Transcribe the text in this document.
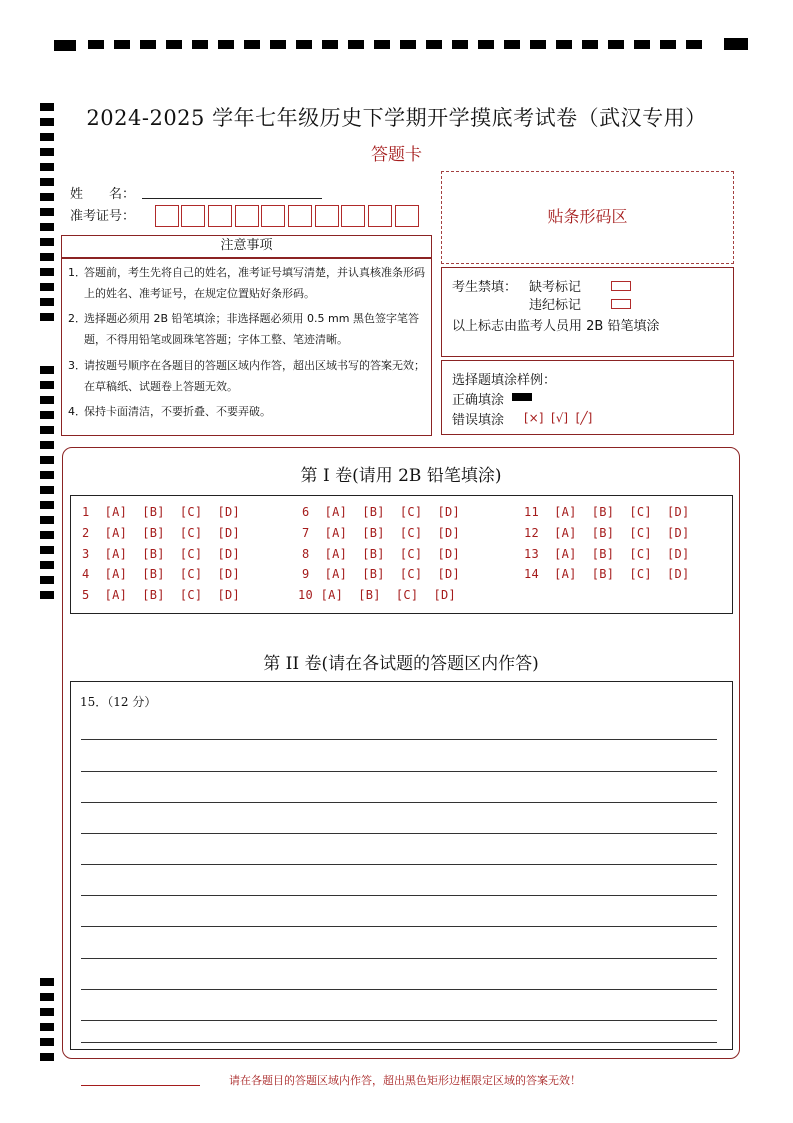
2024-2025 学年七年级历史下学期开学摸底考试卷（武汉专用）
答题卡
姓　　名：
准考证号：	贴条形码区
注意事项
1．
答题前，考生先将自己的姓名，准考证号填写清楚，并认真核准条形码上的姓名、准考证号，在规定位置贴好条形码。
2．
选择题必须用 2B 铅笔填涂；非选择题必须用 0.5 mm 黑色签字笔答题，不得用铅笔或圆珠笔答题；字体工整、笔迹清晰。
3．
请按题号顺序在各题目的答题区域内作答，超出区域书写的答案无效；在草稿纸、试题卷上答题无效。
4．
保持卡面清洁，不要折叠、不要弄破。
考生禁填： 缺考标记
违纪标记
以上标志由监考人员用 2B 铅笔填涂
选择题填涂样例：
正确填涂
错误填涂 [×]  [√]  [╱]
第 I 卷(请用 2B 铅笔填涂)
1  [A]  [B]  [C]  [D]
2  [A]  [B]  [C]  [D]
3  [A]  [B]  [C]  [D]
4  [A]  [B]  [C]  [D]
5  [A]  [B]  [C]  [D]
6  [A]  [B]  [C]  [D]
7  [A]  [B]  [C]  [D]
8  [A]  [B]  [C]  [D]
9  [A]  [B]  [C]  [D]
10 [A]  [B]  [C]  [D]
11  [A]  [B]  [C]  [D]
12  [A]  [B]  [C]  [D]
13  [A]  [B]  [C]  [D]
14  [A]  [B]  [C]  [D]
第 II 卷(请在各试题的答题区内作答)
15．（12 分）
请在各题目的答题区域内作答，超出黑色矩形边框限定区域的答案无效！
